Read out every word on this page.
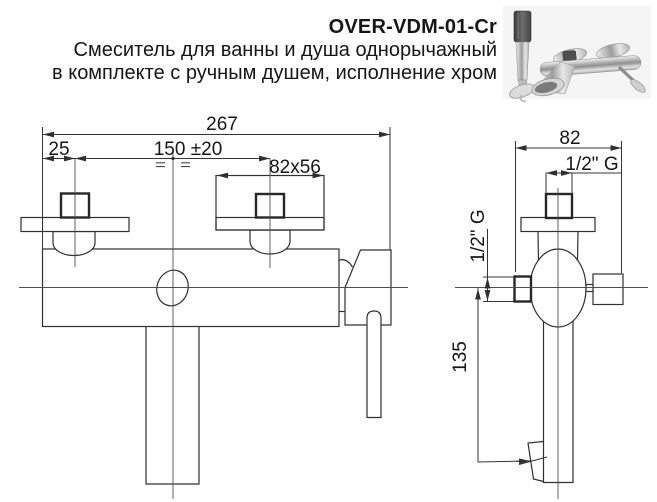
OVER-VDM-01-Cr
Смеситель для ванны и душа однорычажный
в комплекте с ручным душем, исполнение хром
267
25	150 ±20
82x56
82
1/2" G
1/2" G
135
